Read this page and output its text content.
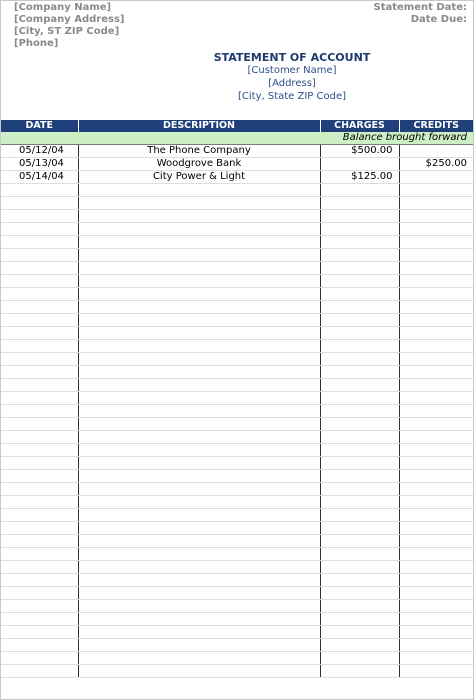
[Company Name]
[Company Address]
[City, ST ZIP Code]
[Phone]
Statement Date:
Date Due:
STATEMENT OF ACCOUNT
[Customer Name]
[Address]
[City, State ZIP Code]
DATE	DESCRIPTION	CHARGES	CREDITS
Balance brought forward			
05/12/04	The Phone Company	$500.00	
05/13/04	Woodgrove Bank		$250.00
05/14/04	City Power & Light	$125.00	
